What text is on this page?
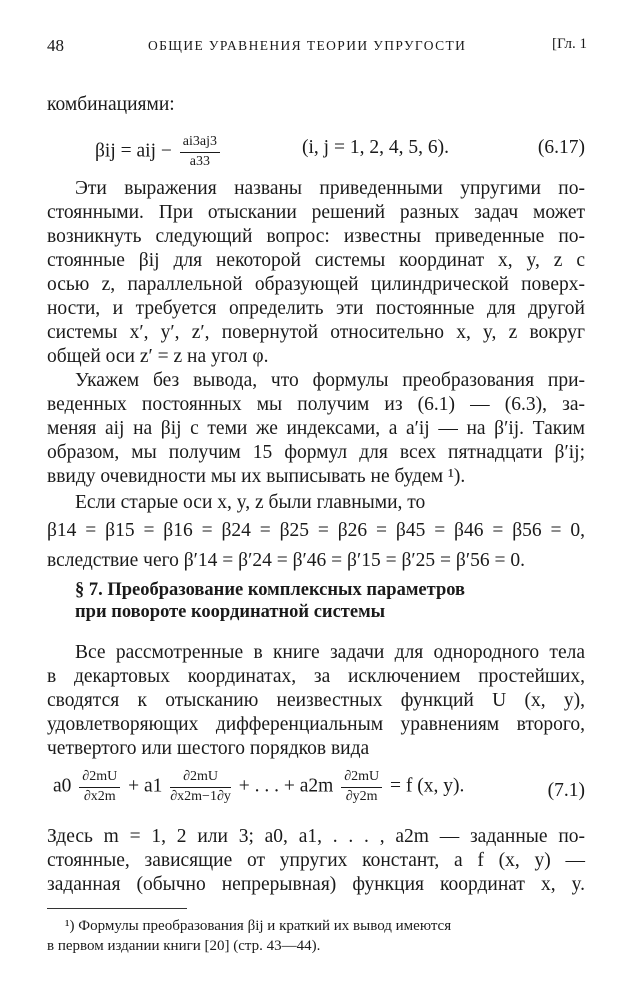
48	ОБЩИЕ УРАВНЕНИЯ ТЕОРИИ УПРУГОСТИ	[Гл. 1
комбинациями:
βij = aij − $\frac{ai3aj3}{a33}$	(i, j = 1, 2, 4, 5, 6).	(6.17)
Эти выражения названы приведенными упругими по-
стоянными. При отыскании решений разных задач может
возникнуть следующий вопрос: известны приведенные по-
стоянные βij для некоторой системы координат x, y, z с
осью z, параллельной образующей цилиндрической поверх-
ности, и требуется определить эти постоянные для другой
системы x′, y′, z′, повернутой относительно x, y, z вокруг
общей оси z′ = z на угол φ.
Укажем без вывода, что формулы преобразования при-
веденных постоянных мы получим из (6.1) — (6.3), за-
меняя aij на βij с теми же индексами, а a′ij — на β′ij. Таким
образом, мы получим 15 формул для всех пятнадцати β′ij;
ввиду очевидности мы их выписывать не будем ¹).
Если старые оси x, y, z были главными, то
β14 = β15 = β16 = β24 = β25 = β26 = β45 = β46 = β56 = 0,
вследствие чего β′14 = β′24 = β′46 = β′15 = β′25 = β′56 = 0.
§ 7. Преобразование комплексных параметров
при повороте координатной системы
Все рассмотренные в книге задачи для однородного тела
в декартовых координатах, за исключением простейших,
сводятся к отысканию неизвестных функций U (x, y),
удовлетворяющих дифференциальным уравнениям второго,
четвертого или шестого порядков вида
$a0 \frac{\partial 2mU}{\partial x2m} + a1 \frac{\partial 2mU}{\partial x2m-1\partial y}$ + . . . + $a2m \frac{\partial 2mU}{\partial y2m} = f$ (x, y).	(7.1)
Здесь m = 1, 2 или 3; a0, a1, . . . , a2m — заданные по-
стоянные, зависящие от упругих констант, а f (x, y) —
заданная (обычно непрерывная) функция координат x, y.
¹) Формулы преобразования βij и краткий их вывод имеются
в первом издании книги [20] (стр. 43—44).
